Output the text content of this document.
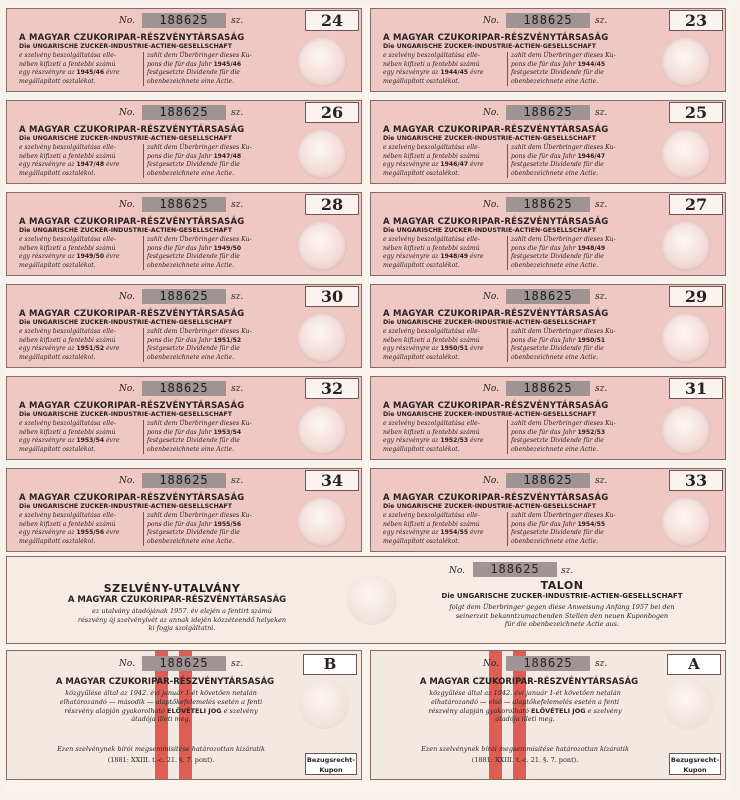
No.	188625	sz.	24
A MAGYAR CZUKORIPAR-RÉSZVÉNYTÁRSASÁG
Die UNGARISCHE ZUCKER-INDUSTRIE-ACTIEN-GESELLSCHAFT
e szelvény beszolgáltatása elle-
nében kifizeti a fentebbi számú
egy részvényre az 1945/46 évre
megállapított osztalékot.
zahlt dem Überbringer dieses Ku-
pons die für das Jahr 1945/46
festgesetzte Dividende für die
obenbezeichnete eine Actie.
No.	188625	sz.	23
A MAGYAR CZUKORIPAR-RÉSZVÉNYTÁRSASÁG
Die UNGARISCHE ZUCKER-INDUSTRIE-ACTIEN-GESELLSCHAFT
e szelvény beszolgáltatása elle-
nében kifizeti a fentebbi számú
egy részvényre az 1944/45 évre
megállapított osztalékot.
zahlt dem Überbringer dieses Ku-
pons die für das Jahr 1944/45
festgesetzte Dividende für die
obenbezeichnete eine Actie.
No.	188625	sz.	26
A MAGYAR CZUKORIPAR-RÉSZVÉNYTÁRSASÁG
Die UNGARISCHE ZUCKER-INDUSTRIE-ACTIEN-GESELLSCHAFT
e szelvény beszolgáltatása elle-
nében kifizeti a fentebbi számú
egy részvényre az 1947/48 évre
megállapított osztalékot.
zahlt dem Überbringer dieses Ku-
pons die für das Jahr 1947/48
festgesetzte Dividende für die
obenbezeichnete eine Actie.
No.	188625	sz.	25
A MAGYAR CZUKORIPAR-RÉSZVÉNYTÁRSASÁG
Die UNGARISCHE ZUCKER-INDUSTRIE-ACTIEN-GESELLSCHAFT
e szelvény beszolgáltatása elle-
nében kifizeti a fentebbi számú
egy részvényre az 1946/47 évre
megállapított osztalékot.
zahlt dem Überbringer dieses Ku-
pons die für das Jahr 1946/47
festgesetzte Dividende für die
obenbezeichnete eine Actie.
No.	188625	sz.	28
A MAGYAR CZUKORIPAR-RÉSZVÉNYTÁRSASÁG
Die UNGARISCHE ZUCKER-INDUSTRIE-ACTIEN-GESELLSCHAFT
e szelvény beszolgáltatása elle-
nében kifizeti a fentebbi számú
egy részvényre az 1949/50 évre
megállapított osztalékot.
zahlt dem Überbringer dieses Ku-
pons die für das Jahr 1949/50
festgesetzte Dividende für die
obenbezeichnete eine Actie.
No.	188625	sz.	27
A MAGYAR CZUKORIPAR-RÉSZVÉNYTÁRSASÁG
Die UNGARISCHE ZUCKER-INDUSTRIE-ACTIEN-GESELLSCHAFT
e szelvény beszolgáltatása elle-
nében kifizeti a fentebbi számú
egy részvényre az 1948/49 évre
megállapított osztalékot.
zahlt dem Überbringer dieses Ku-
pons die für das Jahr 1948/49
festgesetzte Dividende für die
obenbezeichnete eine Actie.
No.	188625	sz.	30
A MAGYAR CZUKORIPAR-RÉSZVÉNYTÁRSASÁG
Die UNGARISCHE ZUCKER-INDUSTRIE-ACTIEN-GESELLSCHAFT
e szelvény beszolgáltatása elle-
nében kifizeti a fentebbi számú
egy részvényre az 1951/52 évre
megállapított osztalékot.
zahlt dem Überbringer dieses Ku-
pons die für das Jahr 1951/52
festgesetzte Dividende für die
obenbezeichnete eine Actie.
No.	188625	sz.	29
A MAGYAR CZUKORIPAR-RÉSZVÉNYTÁRSASÁG
Die UNGARISCHE ZUCKER-INDUSTRIE-ACTIEN-GESELLSCHAFT
e szelvény beszolgáltatása elle-
nében kifizeti a fentebbi számú
egy részvényre az 1950/51 évre
megállapított osztalékot.
zahlt dem Überbringer dieses Ku-
pons die für das Jahr 1950/51
festgesetzte Dividende für die
obenbezeichnete eine Actie.
No.	188625	sz.	32
A MAGYAR CZUKORIPAR-RÉSZVÉNYTÁRSASÁG
Die UNGARISCHE ZUCKER-INDUSTRIE-ACTIEN-GESELLSCHAFT
e szelvény beszolgáltatása elle-
nében kifizeti a fentebbi számú
egy részvényre az 1953/54 évre
megállapított osztalékot.
zahlt dem Überbringer dieses Ku-
pons die für das Jahr 1953/54
festgesetzte Dividende für die
obenbezeichnete eine Actie.
No.	188625	sz.	31
A MAGYAR CZUKORIPAR-RÉSZVÉNYTÁRSASÁG
Die UNGARISCHE ZUCKER-INDUSTRIE-ACTIEN-GESELLSCHAFT
e szelvény beszolgáltatása elle-
nében kifizeti a fentebbi számú
egy részvényre az 1952/53 évre
megállapított osztalékot.
zahlt dem Überbringer dieses Ku-
pons die für das Jahr 1952/53
festgesetzte Dividende für die
obenbezeichnete eine Actie.
No.	188625	sz.	34
A MAGYAR CZUKORIPAR-RÉSZVÉNYTÁRSASÁG
Die UNGARISCHE ZUCKER-INDUSTRIE-ACTIEN-GESELLSCHAFT
e szelvény beszolgáltatása elle-
nében kifizeti a fentebbi számú
egy részvényre az 1955/56 évre
megállapított osztalékot.
zahlt dem Überbringer dieses Ku-
pons die für das Jahr 1955/56
festgesetzte Dividende für die
obenbezeichnete eine Actie.
No.	188625	sz.	33
A MAGYAR CZUKORIPAR-RÉSZVÉNYTÁRSASÁG
Die UNGARISCHE ZUCKER-INDUSTRIE-ACTIEN-GESELLSCHAFT
e szelvény beszolgáltatása elle-
nében kifizeti a fentebbi számú
egy részvényre az 1954/55 évre
megállapított osztalékot.
zahlt dem Überbringer dieses Ku-
pons die für das Jahr 1954/55
festgesetzte Dividende für die
obenbezeichnete eine Actie.
No.	188625	sz.
SZELVÉNY-UTALVÁNY
A MAGYAR CZUKORIPAR-RÉSZVÉNYTÁRSASÁG
ez utalvány átadójának 1957. év elején a fentirt számú
részvény új szelvényívét az annak idején közzéteendő helyeken
ki fogja szolgáltatni.
TALON
Die UNGARISCHE ZUCKER-INDUSTRIE-ACTIEN-GESELLSCHAFT
folgt dem Überbringer gegen diese Anweisung Anfang 1957 bei den
seinerzeit bekanntzumachenden Stellen den neuen Kuponbogen
für die obenbezeichnete Actie aus.
No.	188625	sz.	B
A MAGYAR CZUKORIPAR-RÉSZVÉNYTÁRSASÁG
közgyűlése által az 1942. évi január 1-ét követően netalán
elhatározandó — második — alaptőkefelemelés esetén a fenti
részvény alapján gyakorolható ELŐVÉTELI JOG e szelvény
átadója illeti meg.
Ezen szelvénynek bírói megsemmisítése határozottan kizáratik
(1881: XXIII. t.-c. 21. §. 7. pont).	Bezugsrecht-
Kupon
No.	188625	sz.	A
A MAGYAR CZUKORIPAR-RÉSZVÉNYTÁRSASÁG
közgyűlése által az 1942. évi január 1-ét követően netalán
elhatározandó — első — alaptőkefelemelés esetén a fenti
részvény alapján gyakorolható ELŐVÉTELI JOG e szelvény
átadója illeti meg.
Ezen szelvénynek bírói megsemmisítése határozottan kizáratik
(1881: XXIII. t.-c. 21. §. 7. pont).	Bezugsrecht-
Kupon
